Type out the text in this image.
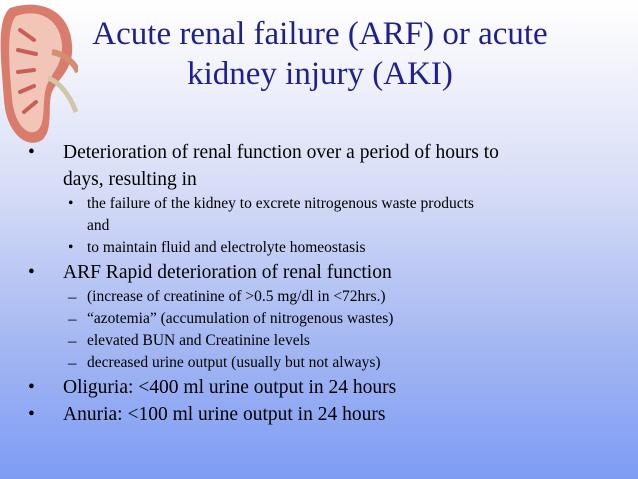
Acute renal failure (ARF) or acute
kidney injury (AKI)
• Deterioration of renal function over a period of hours to
days, resulting in
• the failure of the kidney to excrete nitrogenous waste products
and
• to maintain fluid and electrolyte homeostasis
• ARF Rapid deterioration of renal function
– (increase of creatinine of >0.5 mg/dl in <72hrs.)
– “azotemia” (accumulation of nitrogenous wastes)
– elevated BUN and Creatinine levels
– decreased urine output (usually but not always)
• Oliguria: <400 ml urine output in 24 hours
• Anuria: <100 ml urine output in 24 hours
